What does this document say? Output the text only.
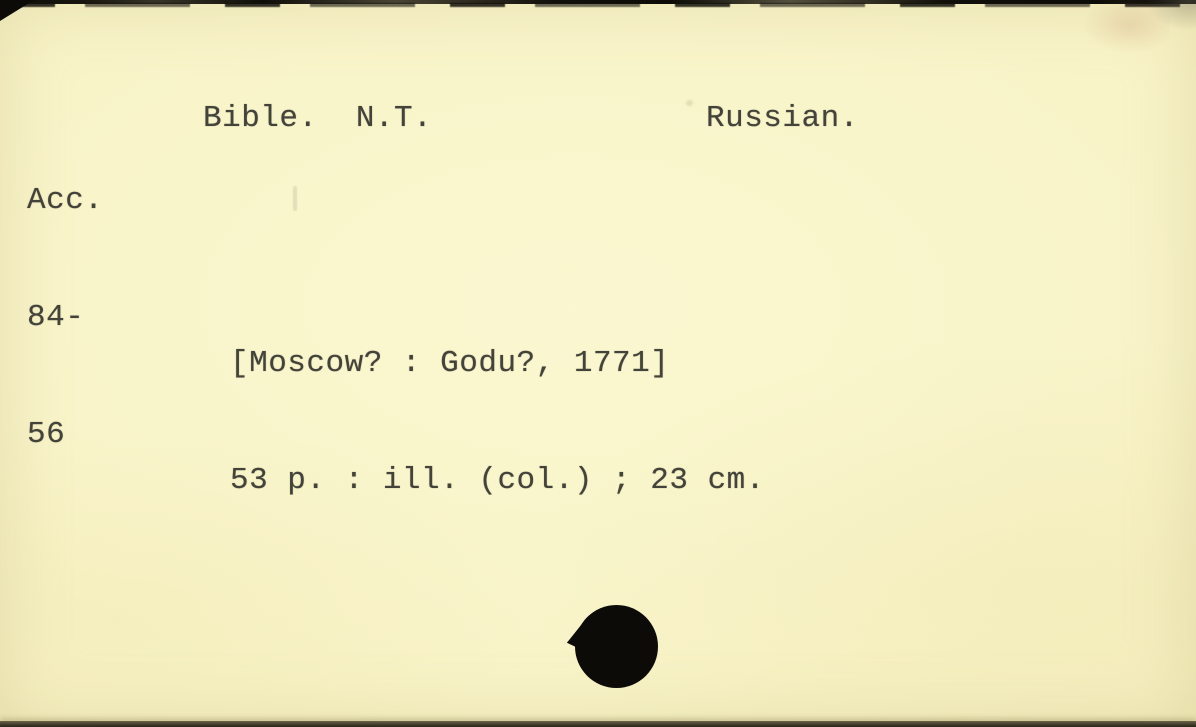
Acc.

84-

56

Bible.  N.T.	Russian.

[Moscow? : Godu?, 1771]

53 p. : ill. (col.) ; 23 cm.
